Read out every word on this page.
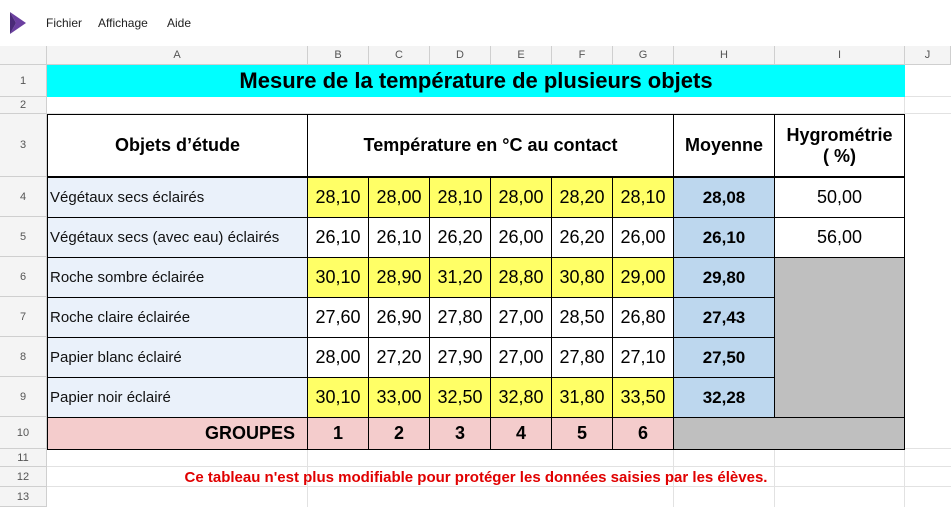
Fichier Affichage Aide
A	B	C	D	E	F	G	H	I	J
1
2
3
4
5
6
7
8
9
10
11
12
13
Mesure de la température de plusieurs objets
Objets d’étude	Température en °C au contact	Moyenne
Hygrométrie ( %)
Végétaux secs éclairés	28,10 28,00 28,10 28,00 28,20 28,10	28,08	50,00
Végétaux secs (avec eau) éclairés	26,10 26,10 26,20 26,00 26,20 26,00	26,10	56,00
Roche sombre éclairée	30,10 28,90 31,20 28,80 30,80 29,00	29,80
Roche claire éclairée	27,60 26,90 27,80 27,00 28,50 26,80	27,43
Papier blanc éclairé	28,00 27,20 27,90 27,00 27,80 27,10	27,50
Papier noir éclairé	30,10 33,00 32,50 32,80 31,80 33,50	32,28
GROUPES	1	2	3	4	5	6
Ce tableau n'est plus modifiable pour protéger les données saisies par les élèves.
